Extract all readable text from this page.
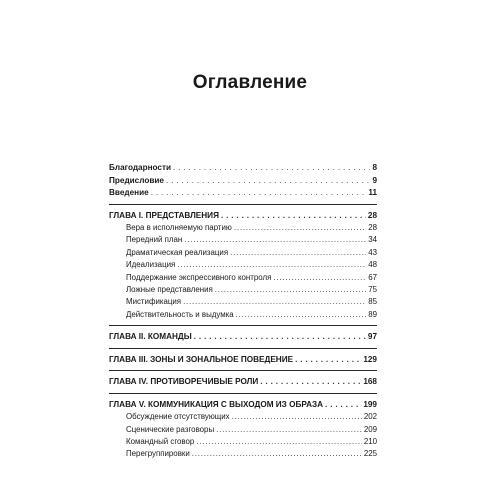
Оглавление
Благодарности . . .	8
Предисловие . . .	9
Введение . . .	11
ГЛАВА I. ПРЕДСТАВЛЕНИЯ . . .	28
Вера в исполняемую партию .....	28
Передний план .....	34
Драматическая реализация .....	43
Идеализация .....	48
Поддержание экспрессивного контроля .....	67
Ложные представления .....	75
Мистификация .....	85
Действительность и выдумка .....	89
ГЛАВА II. КОМАНДЫ . . .	97
ГЛАВА III. ЗОНЫ И ЗОНАЛЬНОЕ ПОВЕДЕНИЕ . . .	129
ГЛАВА IV. ПРОТИВОРЕЧИВЫЕ РОЛИ . . .	168
ГЛАВА V. КОММУНИКАЦИЯ С ВЫХОДОМ ИЗ ОБРАЗА . . .	199
Обсуждение отсутствующих .....	202
Сценические разговоры .....	209
Командный сговор .....	210
Перегруппировки .....	225
